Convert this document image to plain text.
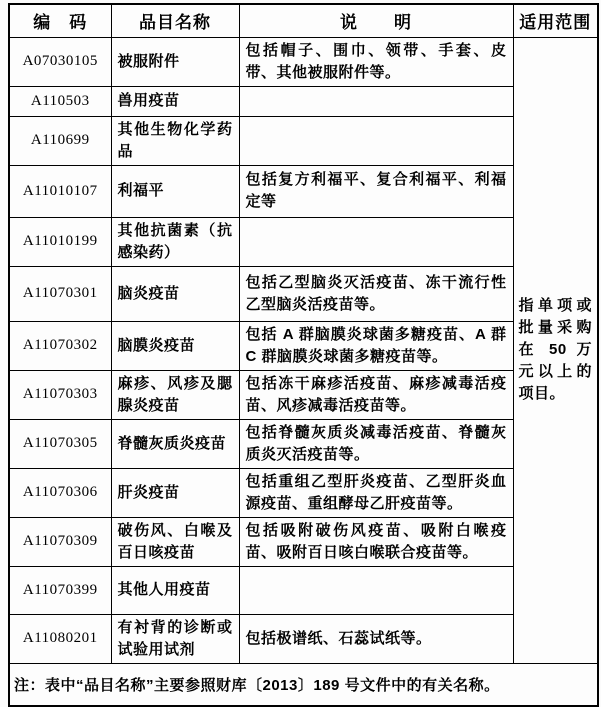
编　码	品目名称	说　　明	适用范围
A07030105	被服附件	包括帽子、围巾、领带、手套、皮带、其他被服附件等。	指单项或批量采购在 50 万元以上的项目。
A110503	兽用疫苗		
A110699	其他生物化学药品		
A11010107	利福平	包括复方利福平、复合利福平、利福定等	
A11010199	其他抗菌素（抗感染药）		
A11070301	脑炎疫苗	包括乙型脑炎灭活疫苗、冻干流行性乙型脑炎活疫苗等。	
A11070302	脑膜炎疫苗	包括 A 群脑膜炎球菌多糖疫苗、A 群 C 群脑膜炎球菌多糖疫苗等。	
A11070303	麻疹、风疹及腮腺炎疫苗	包括冻干麻疹活疫苗、麻疹减毒活疫苗、风疹减毒活疫苗等。	
A11070305	脊髓灰质炎疫苗	包括脊髓灰质炎减毒活疫苗、脊髓灰质炎灭活疫苗等。	
A11070306	肝炎疫苗	包括重组乙型肝炎疫苗、乙型肝炎血源疫苗、重组酵母乙肝疫苗等。	
A11070309	破伤风、白喉及百日咳疫苗	包括吸附破伤风疫苗、吸附白喉疫苗、吸附百日咳白喉联合疫苗等。	
A11070399	其他人用疫苗		
A11080201	有衬背的诊断或试验用试剂	包括极谱纸、石蕊试纸等。	
注：表中“品目名称”主要参照财库〔2013〕189 号文件中的有关名称。			
